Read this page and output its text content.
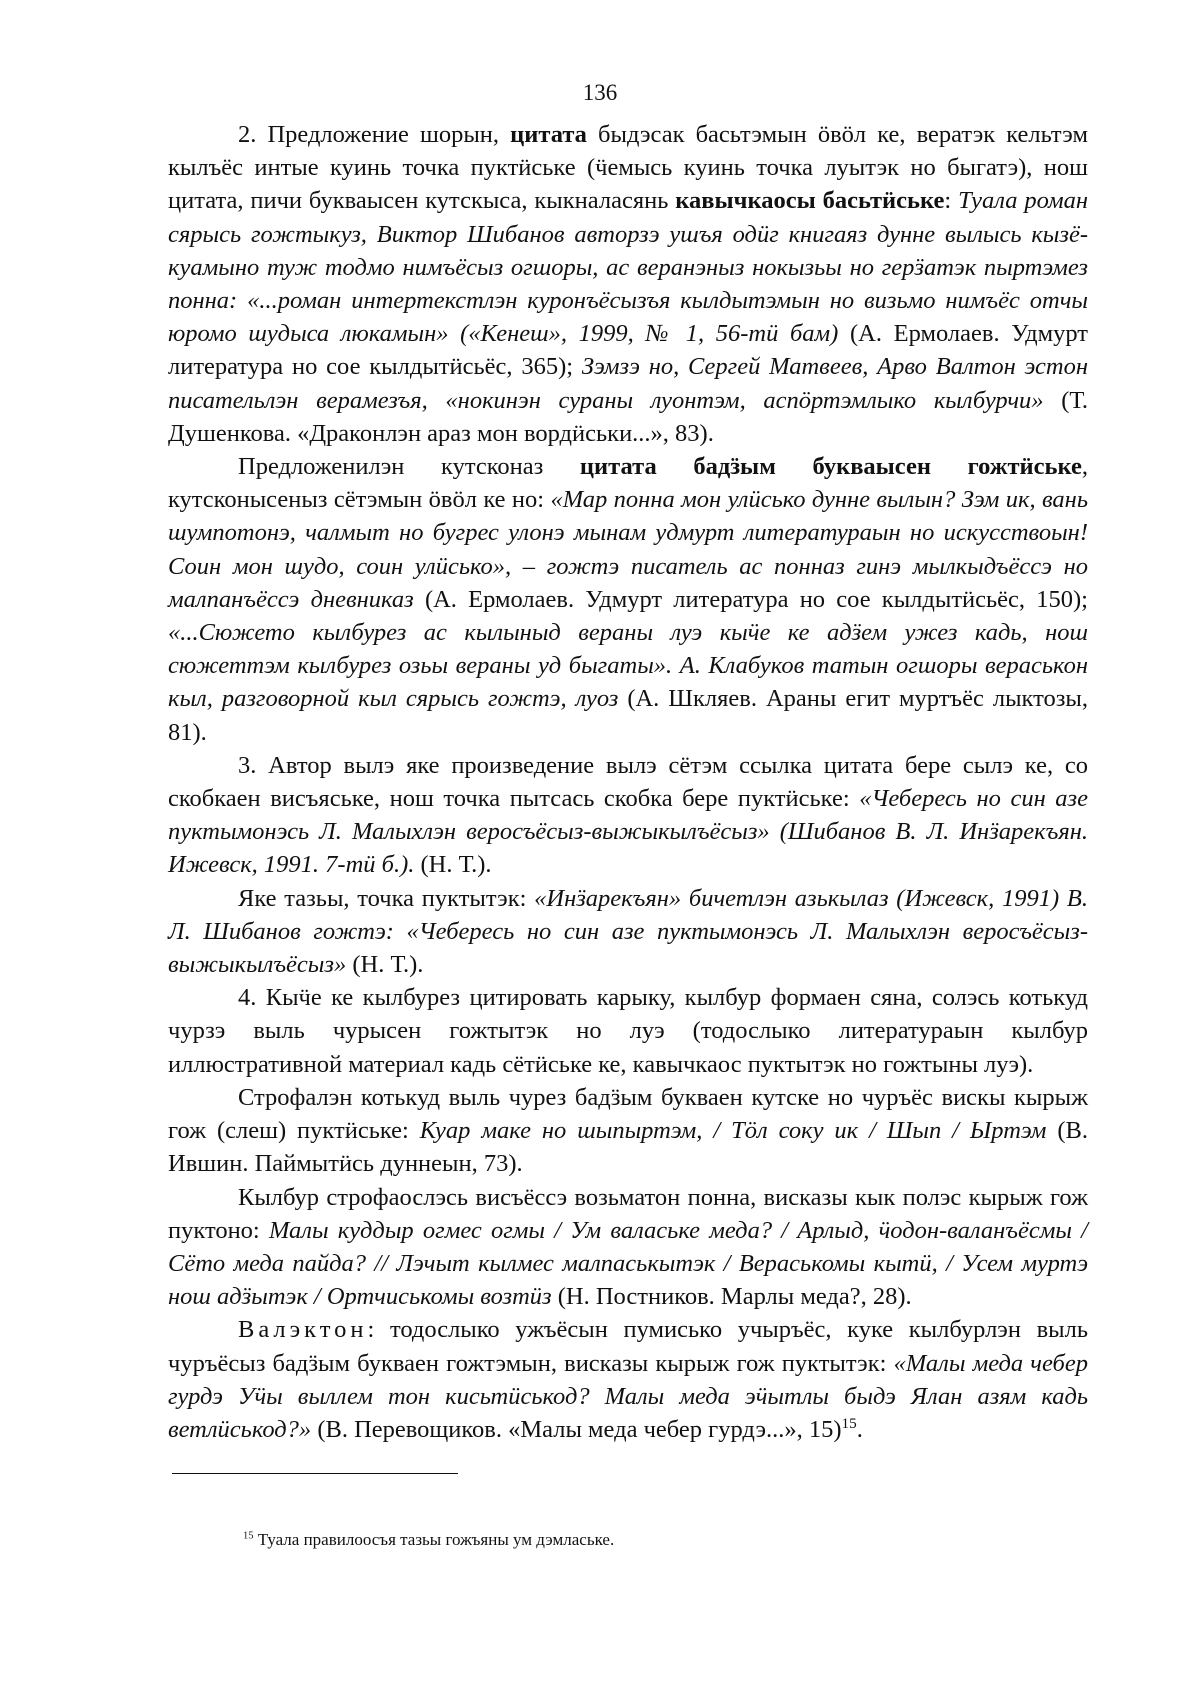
136

2. Предложение шорын, цитата быдэсак басьтэмын ӧвӧл ке, вератэк кельтэм кылъёс интые куинь точка пуктӥське (ӵемысь куинь точка луытэк но быгатэ), нош цитата, пичи букваысен кутскыса, кыкналасянь кавычкаосы басьтӥське: Туала роман сярысь гожтыкуз, Виктор Шибанов авторзэ ушъя одӥг книгаяз дунне вылысь кызё-куамыно туж тодмо нимъёсыз огшоры, ас веранэныз нокызьы но герӟатэк пыртэмез понна: «...роман интертекстлэн куронъёсызъя кылдытэмын но визьмо нимъёс отчы юромо шудыса люкамын» («Кенеш», 1999, № 1, 56-тӥ бам) (А. Ермолаев. Удмурт литература но сое кылдытӥсьёс, 365); Зэмзэ но, Сергей Матвеев, Арво Валтон эстон писательлэн верамезъя, «нокинэн сураны луонтэм, аспӧртэмлыко кылбурчи» (Т. Душенкова. «Драконлэн араз мон вордӥськи...», 83).

Предложенилэн кутсконаз цитата бадӟым букваысен гожтӥське, кутсконысеныз сётэмын ӧвӧл ке но: «Мар понна мон улӥсько дунне вылын? Зэм ик, вань шумпотонэ, чалмыт но бугрес улонэ мынам удмурт литератураын но искусствоын! Соин мон шудо, соин улӥсько», – гожтэ писатель ас понназ гинэ мылкыдъёссэ но малпанъёссэ дневниказ (А. Ермолаев. Удмурт литература но сое кылдытӥсьёс, 150); «...Сюжето кылбурез ас кылыныд вераны луэ кыӵе ке адӟем ужез кадь, нош сюжеттэм кылбурез озьы вераны уд быгаты». А. Клабуков татын огшоры вераськон кыл, разговорной кыл сярысь гожтэ, луоз (А. Шкляев. Араны егит муртъёс лыктозы, 81).

3. Автор вылэ яке произведение вылэ сётэм ссылка цитата бере сылэ ке, со скобкаен висъяське, нош точка пытсась скобка бере пуктӥське: «Чебересь но син азе пуктымонэсь Л. Малыхлэн веросъёсыз-выжыкылъёсыз» (Шибанов В. Л. Инӟарекъян. Ижевск, 1991. 7-тӥ б.). (Н. Т.).

Яке тазьы, точка пуктытэк: «Инӟарекъян» бичетлэн азькылаз (Ижевск, 1991) В. Л. Шибанов гожтэ: «Чебересь но син азе пуктымонэсь Л. Малыхлэн веросъёсыз-выжыкылъёсыз» (Н. Т.).

4. Кыӵе ке кылбурез цитировать карыку, кылбур формаен сяна, солэсь котькуд чурзэ выль чурысен гожтытэк но луэ (тодослыко литератураын кылбур иллюстративной материал кадь сётӥське ке, кавычкаос пуктытэк но гожтыны луэ).

Строфалэн котькуд выль чурез бадӟым букваен кутске но чуръёс вискы кырыж гож (слеш) пуктӥське: Куар маке но шыпыртэм, / Тӧл соку ик / Шып / Ыртэм (В. Ившин. Паймытӥсь дуннеын, 73).

Кылбур строфаослэсь висъёссэ возьматон понна, висказы кык полэс кырыж гож пуктоно: Малы куддыр огмес огмы / Ум валаське меда? / Арлыд, ӵодон-валанъёсмы / Сёто меда пайда? // Лэчыт кылмес малпаськытэк / Вераськомы кытӥ, / Усем муртэ нош адӟытэк / Ортчиськомы возтӥз (Н. Постников. Марлы меда?, 28).

Валэктон: тодослыко ужъёсын пумисько учыръёс, куке кылбурлэн выль чуръёсыз бадӟым букваен гожтэмын, висказы кырыж гож пуктытэк: «Малы меда чебер гурдэ Уӵы выллем тон кисьтӥськод? Малы меда эӵытлы быдэ Ялан азям кадь ветлӥськод?» (В. Перевощиков. «Малы меда чебер гурдэ...», 15)$^{15}$.

$^{15}$ Туала правилоосъя тазьы гожъяны ум дэмлаське.
